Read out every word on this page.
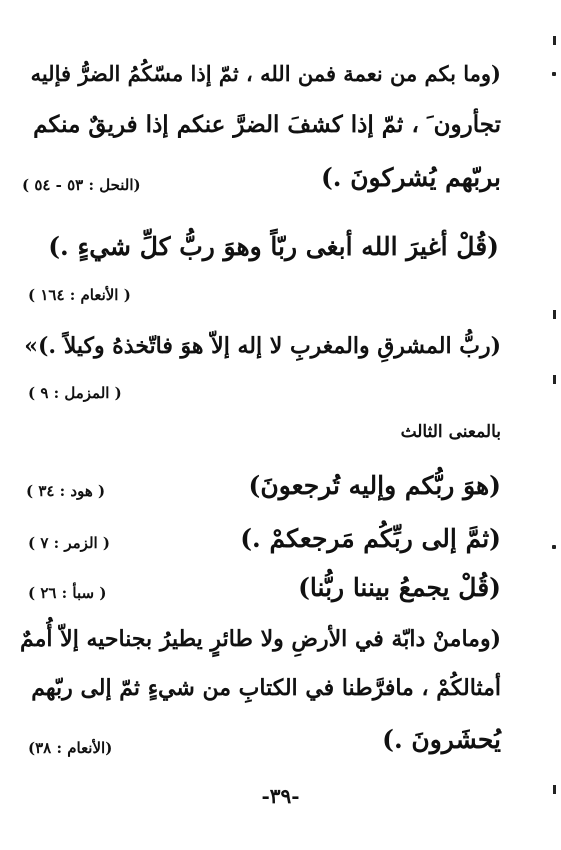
(وما بكم من نعمة فمن الله ، ثمّ إذا مسّكُمُ الضرُّ فإليه
تجأرون َ ، ثمّ إذا كشفَ الضرَّ عنكم إذا فريقٌ منكم
بربّهم يُشركونَ .)
(النحل : ٥٣ - ٥٤ )
(قُلْ أغيرَ الله أبغى ربّاً وهوَ ربُّ كلِّ شيءٍ .)
( الأنعام : ١٦٤ )
(ربُّ المشرقِ والمغربِ لا إله إلاّ هوَ فاتّخذهُ وكيلاً .)»
( المزمل : ٩ )
بالمعنى الثالث
(هوَ ربُّكم وإليه تُرجعونَ)
( هود : ٣٤ )
(ثمَّ إلى ربِّكُم مَرجعكمْ .)
( الزمر : ٧ )
(قُلْ يجمعُ بيننا ربُّنا)
( سبأ : ٢٦ )
(ومامنْ دابّة في الأرضِ ولا طائرٍ يطيرُ بجناحيه إلاّ أُممٌ
أمثالكُمْ ، مافرَّطنا في الكتابِ من شيءٍ ثمّ إلى ربّهم
يُحشَرونَ .)
(الأنعام : ٣٨)
-٣٩-
